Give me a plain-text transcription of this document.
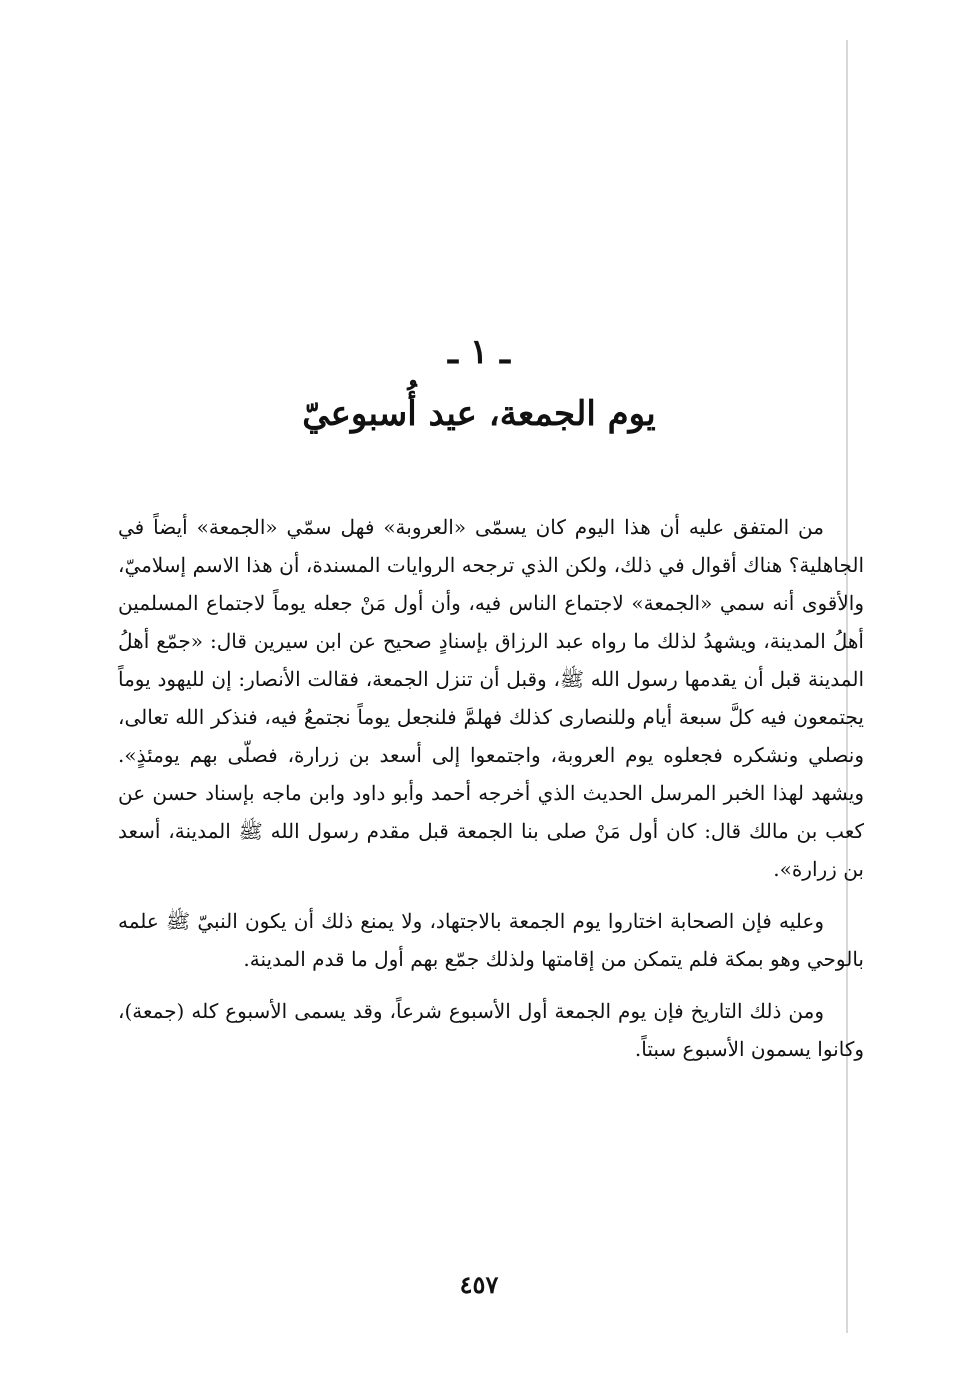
ـ ١ ـ
يوم الجمعة، عيد أُسبوعيّ

من المتفق عليه أن هذا اليوم كان يسمّى «العروبة» فهل سمّي «الجمعة» أيضاً في الجاهلية؟ هناك أقوال في ذلك، ولكن الذي ترجحه الروايات المسندة، أن هذا الاسم إسلاميّ، والأقوى أنه سمي «الجمعة» لاجتماع الناس فيه، وأن أول مَنْ جعله يوماً لاجتماع المسلمين أهلُ المدينة، ويشهدُ لذلك ما رواه عبد الرزاق بإسنادٍ صحيح عن ابن سيرين قال: «جمّع أهلُ المدينة قبل أن يقدمها رسول الله ﷺ، وقبل أن تنزل الجمعة، فقالت الأنصار: إن لليهود يوماً يجتمعون فيه كلَّ سبعة أيام وللنصارى كذلك فهلمَّ فلنجعل يوماً نجتمعُ فيه، فنذكر الله تعالى، ونصلي ونشكره فجعلوه يوم العروبة، واجتمعوا إلى أسعد بن زرارة، فصلّى بهم يومئذٍ». ويشهد لهذا الخبر المرسل الحديث الذي أخرجه أحمد وأبو داود وابن ماجه بإسناد حسن عن كعب بن مالك قال: كان أول مَنْ صلى بنا الجمعة قبل مقدم رسول الله ﷺ المدينة، أسعد بن زرارة».

وعليه فإن الصحابة اختاروا يوم الجمعة بالاجتهاد، ولا يمنع ذلك أن يكون النبيّ ﷺ علمه بالوحي وهو بمكة فلم يتمكن من إقامتها ولذلك جمّع بهم أول ما قدم المدينة.

ومن ذلك التاريخ فإن يوم الجمعة أول الأسبوع شرعاً، وقد يسمى الأسبوع كله (جمعة)، وكانوا يسمون الأسبوع سبتاً.

٤٥٧
